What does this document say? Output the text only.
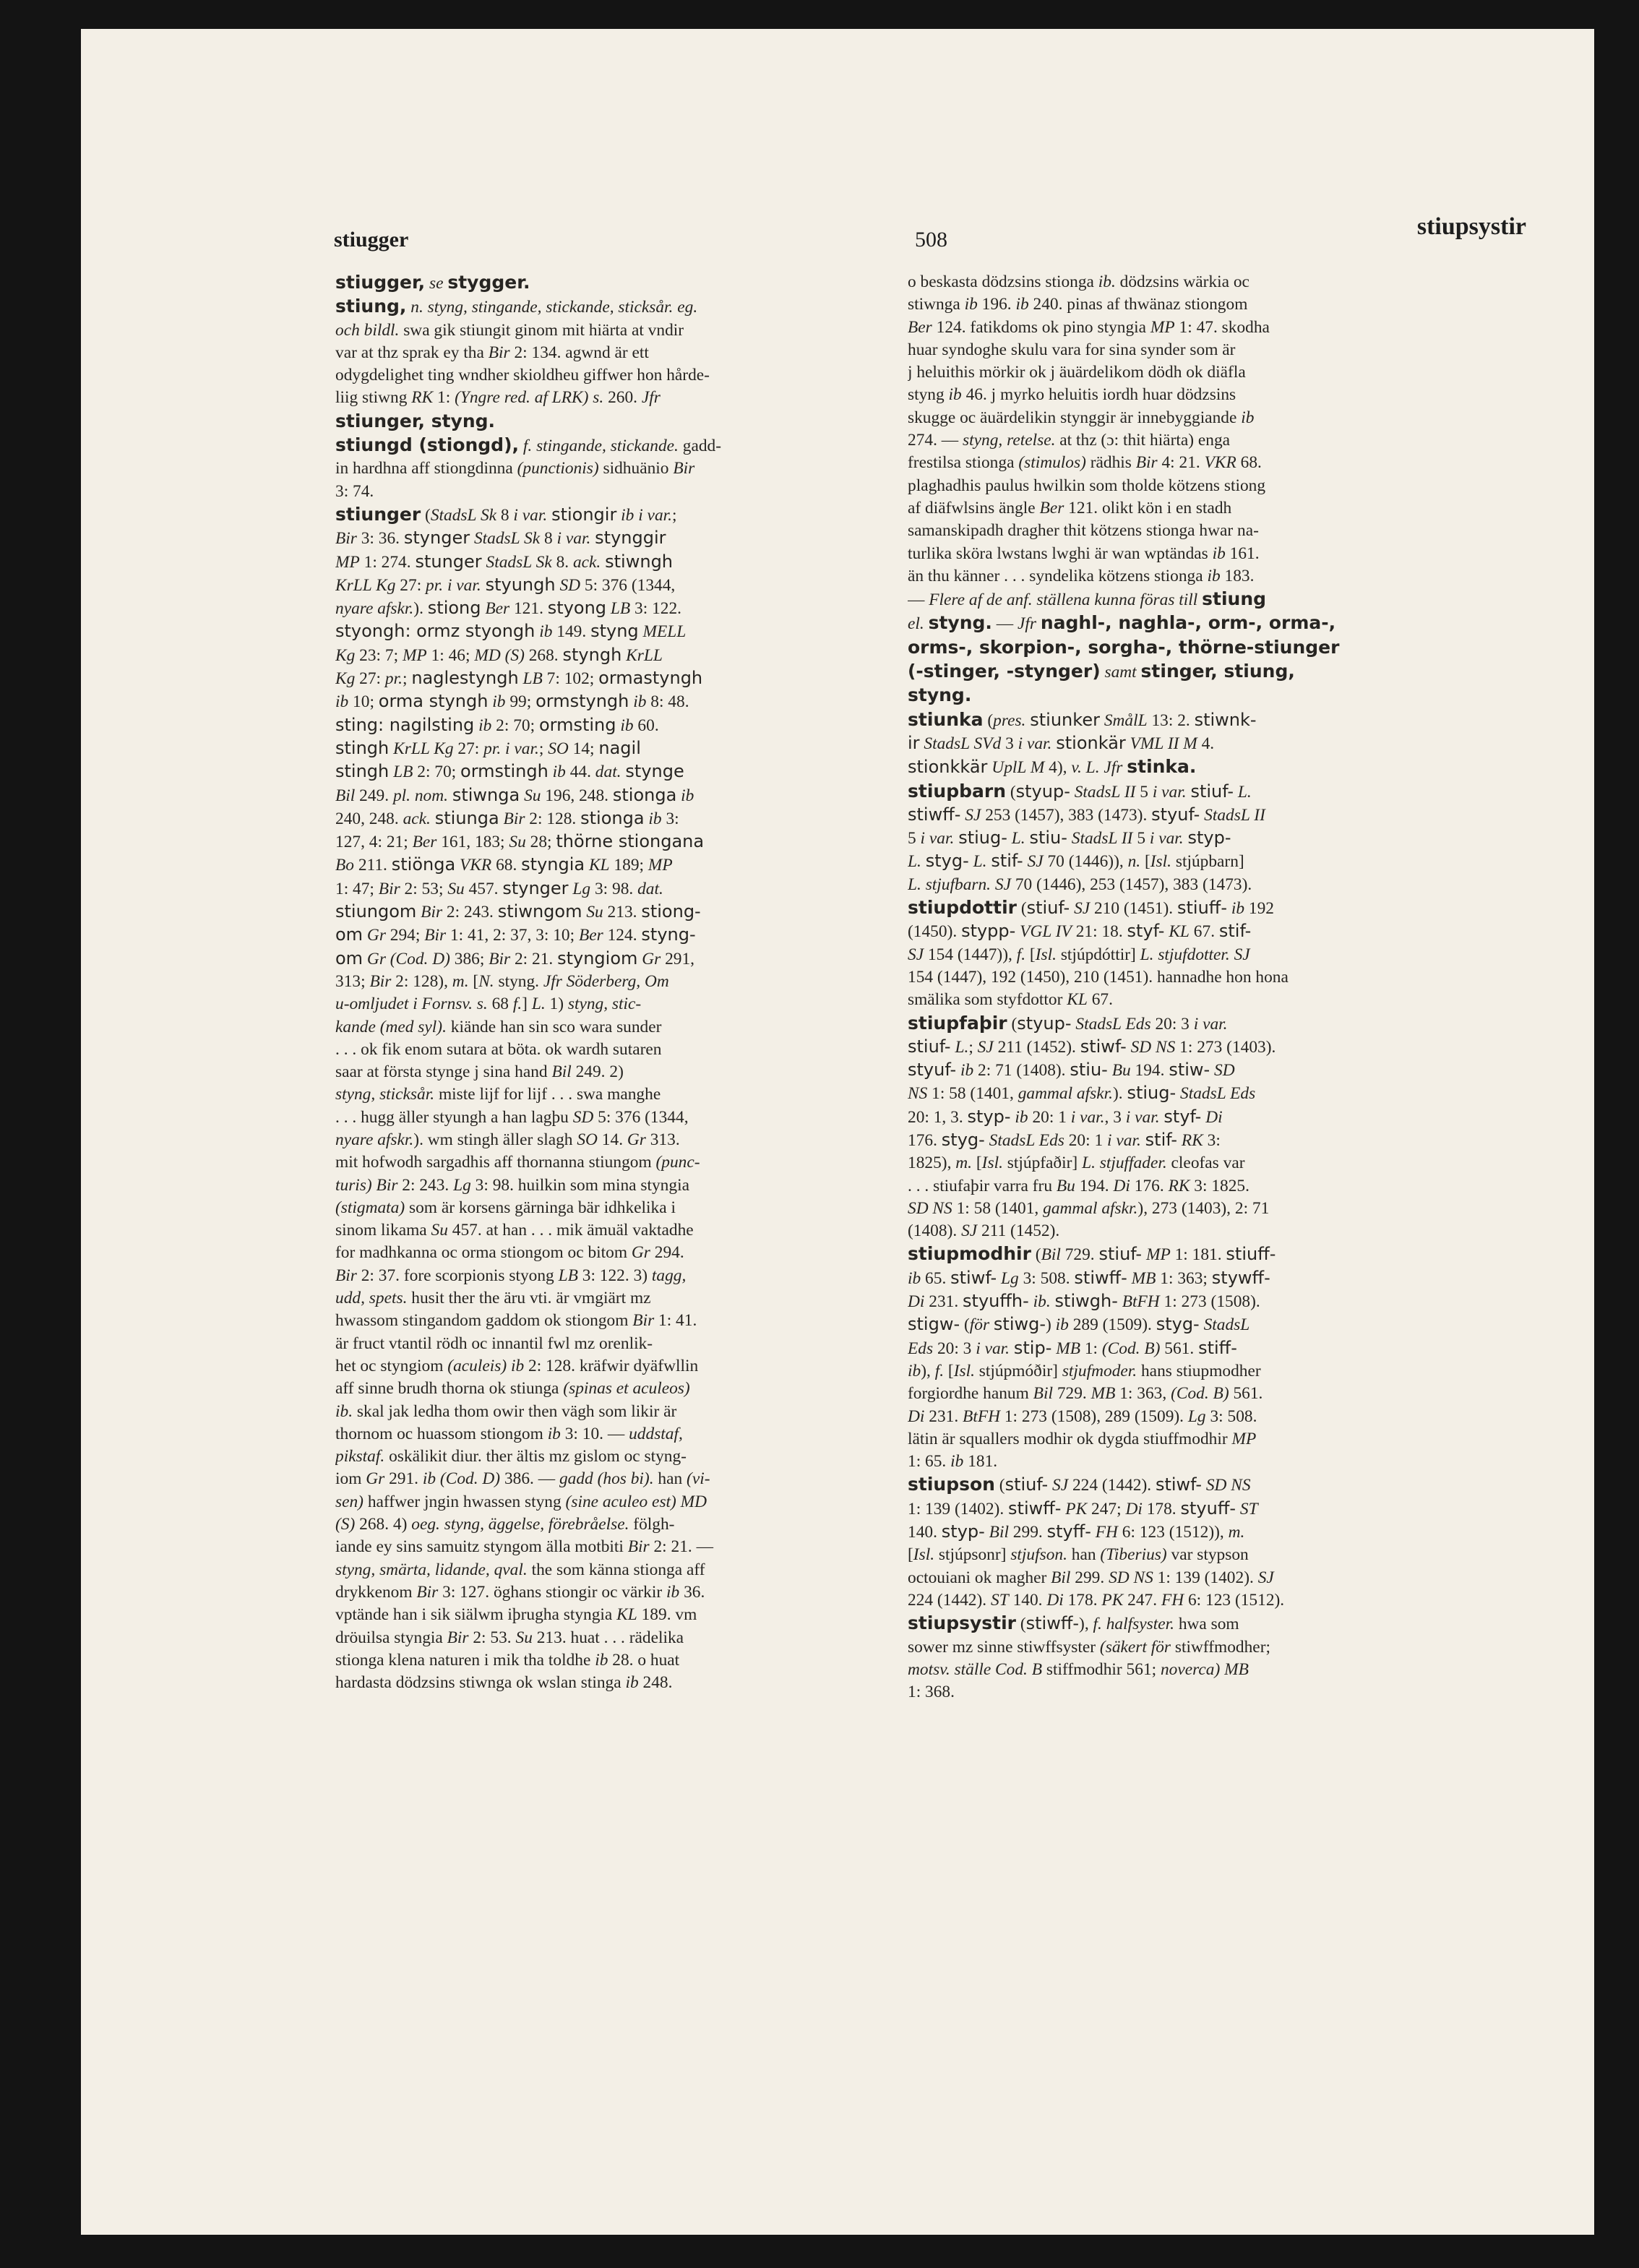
stiugger	508	stiupsystir
stiugger, se stygger.
stiung, n. styng, stingande, stickande, sticksår. eg.
och bildl. swa gik stiungit ginom mit hiärta at vndir
var at thz sprak ey tha Bir 2: 134. agwnd är ett
odygdelighet ting wndher skioldheu giffwer hon hårde-
liig stiwng RK 1: (Yngre red. af LRK) s. 260. Jfr
stiunger, styng.
stiungd (stiongd), f. stingande, stickande. gadd-
in hardhna aff stiongdinna (punctionis) sidhuänio Bir
3: 74.
stiunger (StadsL Sk 8 i var. stiongir ib i var.;
Bir 3: 36. stynger StadsL Sk 8 i var. stynggir
MP 1: 274. stunger StadsL Sk 8. ack. stiwngh
KrLL Kg 27: pr. i var. styungh SD 5: 376 (1344,
nyare afskr.). stiong Ber 121. styong LB 3: 122.
styongh: ormz styongh ib 149. styng MELL
Kg 23: 7; MP 1: 46; MD (S) 268. styngh KrLL
Kg 27: pr.; naglestyngh LB 7: 102; ormastyngh
ib 10; orma styngh ib 99; ormstyngh ib 8: 48.
sting: nagilsting ib 2: 70; ormsting ib 60.
stingh KrLL Kg 27: pr. i var.; SO 14; nagil
stingh LB 2: 70; ormstingh ib 44. dat. stynge
Bil 249. pl. nom. stiwnga Su 196, 248. stionga ib
240, 248. ack. stiunga Bir 2: 128. stionga ib 3:
127, 4: 21; Ber 161, 183; Su 28; thörne stiongana
Bo 211. stiönga VKR 68. styngia KL 189; MP
1: 47; Bir 2: 53; Su 457. stynger Lg 3: 98. dat.
stiungom Bir 2: 243. stiwngom Su 213. stiong-
om Gr 294; Bir 1: 41, 2: 37, 3: 10; Ber 124. styng-
om Gr (Cod. D) 386; Bir 2: 21. styngiom Gr 291,
313; Bir 2: 128), m. [N. styng. Jfr Söderberg, Om
u-omljudet i Fornsv. s. 68 f.] L. 1) styng, stic-
kande (med syl). kiände han sin sco wara sunder
. . . ok fik enom sutara at böta. ok wardh sutaren
saar at första stynge j sina hand Bil 249. 2)
styng, sticksår. miste lijf for lijf . . . swa manghe
. . . hugg äller styungh a han lagþu SD 5: 376 (1344,
nyare afskr.). wm stingh äller slagh SO 14. Gr 313.
mit hofwodh sargadhis aff thornanna stiungom (punc-
turis) Bir 2: 243. Lg 3: 98. huilkin som mina styngia
(stigmata) som är korsens gärninga bär idhkelika i
sinom likama Su 457. at han . . . mik ämuäl vaktadhe
for madhkanna oc orma stiongom oc bitom Gr 294.
Bir 2: 37. fore scorpionis styong LB 3: 122. 3) tagg,
udd, spets. husit ther the äru vti. är vmgiärt mz
hwassom stingandom gaddom ok stiongom Bir 1: 41.
är fruct vtantil rödh oc innantil fwl mz orenlik-
het oc styngiom (aculeis) ib 2: 128. kräfwir dyäfwllin
aff sinne brudh thorna ok stiunga (spinas et aculeos)
ib. skal jak ledha thom owir then vägh som likir är
thornom oc huassom stiongom ib 3: 10. — uddstaf,
pikstaf. oskälikit diur. ther ältis mz gislom oc styng-
iom Gr 291. ib (Cod. D) 386. — gadd (hos bi). han (vi-
sen) haffwer jngin hwassen styng (sine aculeo est) MD
(S) 268. 4) oeg. styng, äggelse, förebråelse. fölgh-
iande ey sins samuitz styngom älla motbiti Bir 2: 21. —
styng, smärta, lidande, qval. the som känna stionga aff
drykkenom Bir 3: 127. öghans stiongir oc värkir ib 36.
vptände han i sik siälwm iþrugha styngia KL 189. vm
dröuilsa styngia Bir 2: 53. Su 213. huat . . . rädelika
stionga klena naturen i mik tha toldhe ib 28. o huat
hardasta dödzsins stiwnga ok wslan stinga ib 248.
o beskasta dödzsins stionga ib. dödzsins wärkia oc
stiwnga ib 196. ib 240. pinas af thwänaz stiongom
Ber 124. fatikdoms ok pino styngia MP 1: 47. skodha
huar syndoghe skulu vara for sina synder som är
j heluithis mörkir ok j äuärdelikom dödh ok diäfla
styng ib 46. j myrko heluitis iordh huar dödzsins
skugge oc äuärdelikin stynggir är innebyggiande ib
274. — styng, retelse. at thz (ɔ: thit hiärta) enga
frestilsa stionga (stimulos) rädhis Bir 4: 21. VKR 68.
plaghadhis paulus hwilkin som tholde kötzens stiong
af diäfwlsins ängle Ber 121. olikt kön i en stadh
samanskipadh dragher thit kötzens stionga hwar na-
turlika sköra lwstans lwghi är wan wptändas ib 161.
än thu känner . . . syndelika kötzens stionga ib 183.
— Flere af de anf. ställena kunna föras till stiung
el. styng. — Jfr naghl-, naghla-, orm-, orma-,
orms-, skorpion-, sorgha-, thörne-stiunger
(-stinger, -stynger) samt stinger, stiung,
styng.
stiunka (pres. stiunker SmålL 13: 2. stiwnk-
ir StadsL SVd 3 i var. stionkär VML II M 4.
stionkkär UplL M 4), v. L. Jfr stinka.
stiupbarn (styup- StadsL II 5 i var. stiuf- L.
stiwff- SJ 253 (1457), 383 (1473). styuf- StadsL II
5 i var. stiug- L. stiu- StadsL II 5 i var. styp-
L. styg- L. stif- SJ 70 (1446)), n. [Isl. stjúpbarn]
L. stjufbarn. SJ 70 (1446), 253 (1457), 383 (1473).
stiupdottir (stiuf- SJ 210 (1451). stiuff- ib 192
(1450). stypp- VGL IV 21: 18. styf- KL 67. stif-
SJ 154 (1447)), f. [Isl. stjúpdóttir] L. stjufdotter. SJ
154 (1447), 192 (1450), 210 (1451). hannadhe hon hona
smälika som styfdottor KL 67.
stiupfaþir (styup- StadsL Eds 20: 3 i var.
stiuf- L.; SJ 211 (1452). stiwf- SD NS 1: 273 (1403).
styuf- ib 2: 71 (1408). stiu- Bu 194. stiw- SD
NS 1: 58 (1401, gammal afskr.). stiug- StadsL Eds
20: 1, 3. styp- ib 20: 1 i var., 3 i var. styf- Di
176. styg- StadsL Eds 20: 1 i var. stif- RK 3:
1825), m. [Isl. stjúpfaðir] L. stjuffader. cleofas var
. . . stiufaþir varra fru Bu 194. Di 176. RK 3: 1825.
SD NS 1: 58 (1401, gammal afskr.), 273 (1403), 2: 71
(1408). SJ 211 (1452).
stiupmodhir (Bil 729. stiuf- MP 1: 181. stiuff-
ib 65. stiwf- Lg 3: 508. stiwff- MB 1: 363; stywff-
Di 231. styuffh- ib. stiwgh- BtFH 1: 273 (1508).
stigw- (för stiwg-) ib 289 (1509). styg- StadsL
Eds 20: 3 i var. stip- MB 1: (Cod. B) 561. stiff-
ib), f. [Isl. stjúpmóðir] stjufmoder. hans stiupmodher
forgiordhe hanum Bil 729. MB 1: 363, (Cod. B) 561.
Di 231. BtFH 1: 273 (1508), 289 (1509). Lg 3: 508.
lätin är squallers modhir ok dygda stiuffmodhir MP
1: 65. ib 181.
stiupson (stiuf- SJ 224 (1442). stiwf- SD NS
1: 139 (1402). stiwff- PK 247; Di 178. styuff- ST
140. styp- Bil 299. styff- FH 6: 123 (1512)), m.
[Isl. stjúpsonr] stjufson. han (Tiberius) var stypson
octouiani ok magher Bil 299. SD NS 1: 139 (1402). SJ
224 (1442). ST 140. Di 178. PK 247. FH 6: 123 (1512).
stiupsystir (stiwff-), f. halfsyster. hwa som
sower mz sinne stiwffsyster (säkert för stiwffmodher;
motsv. ställe Cod. B stiffmodhir 561; noverca) MB
1: 368.
